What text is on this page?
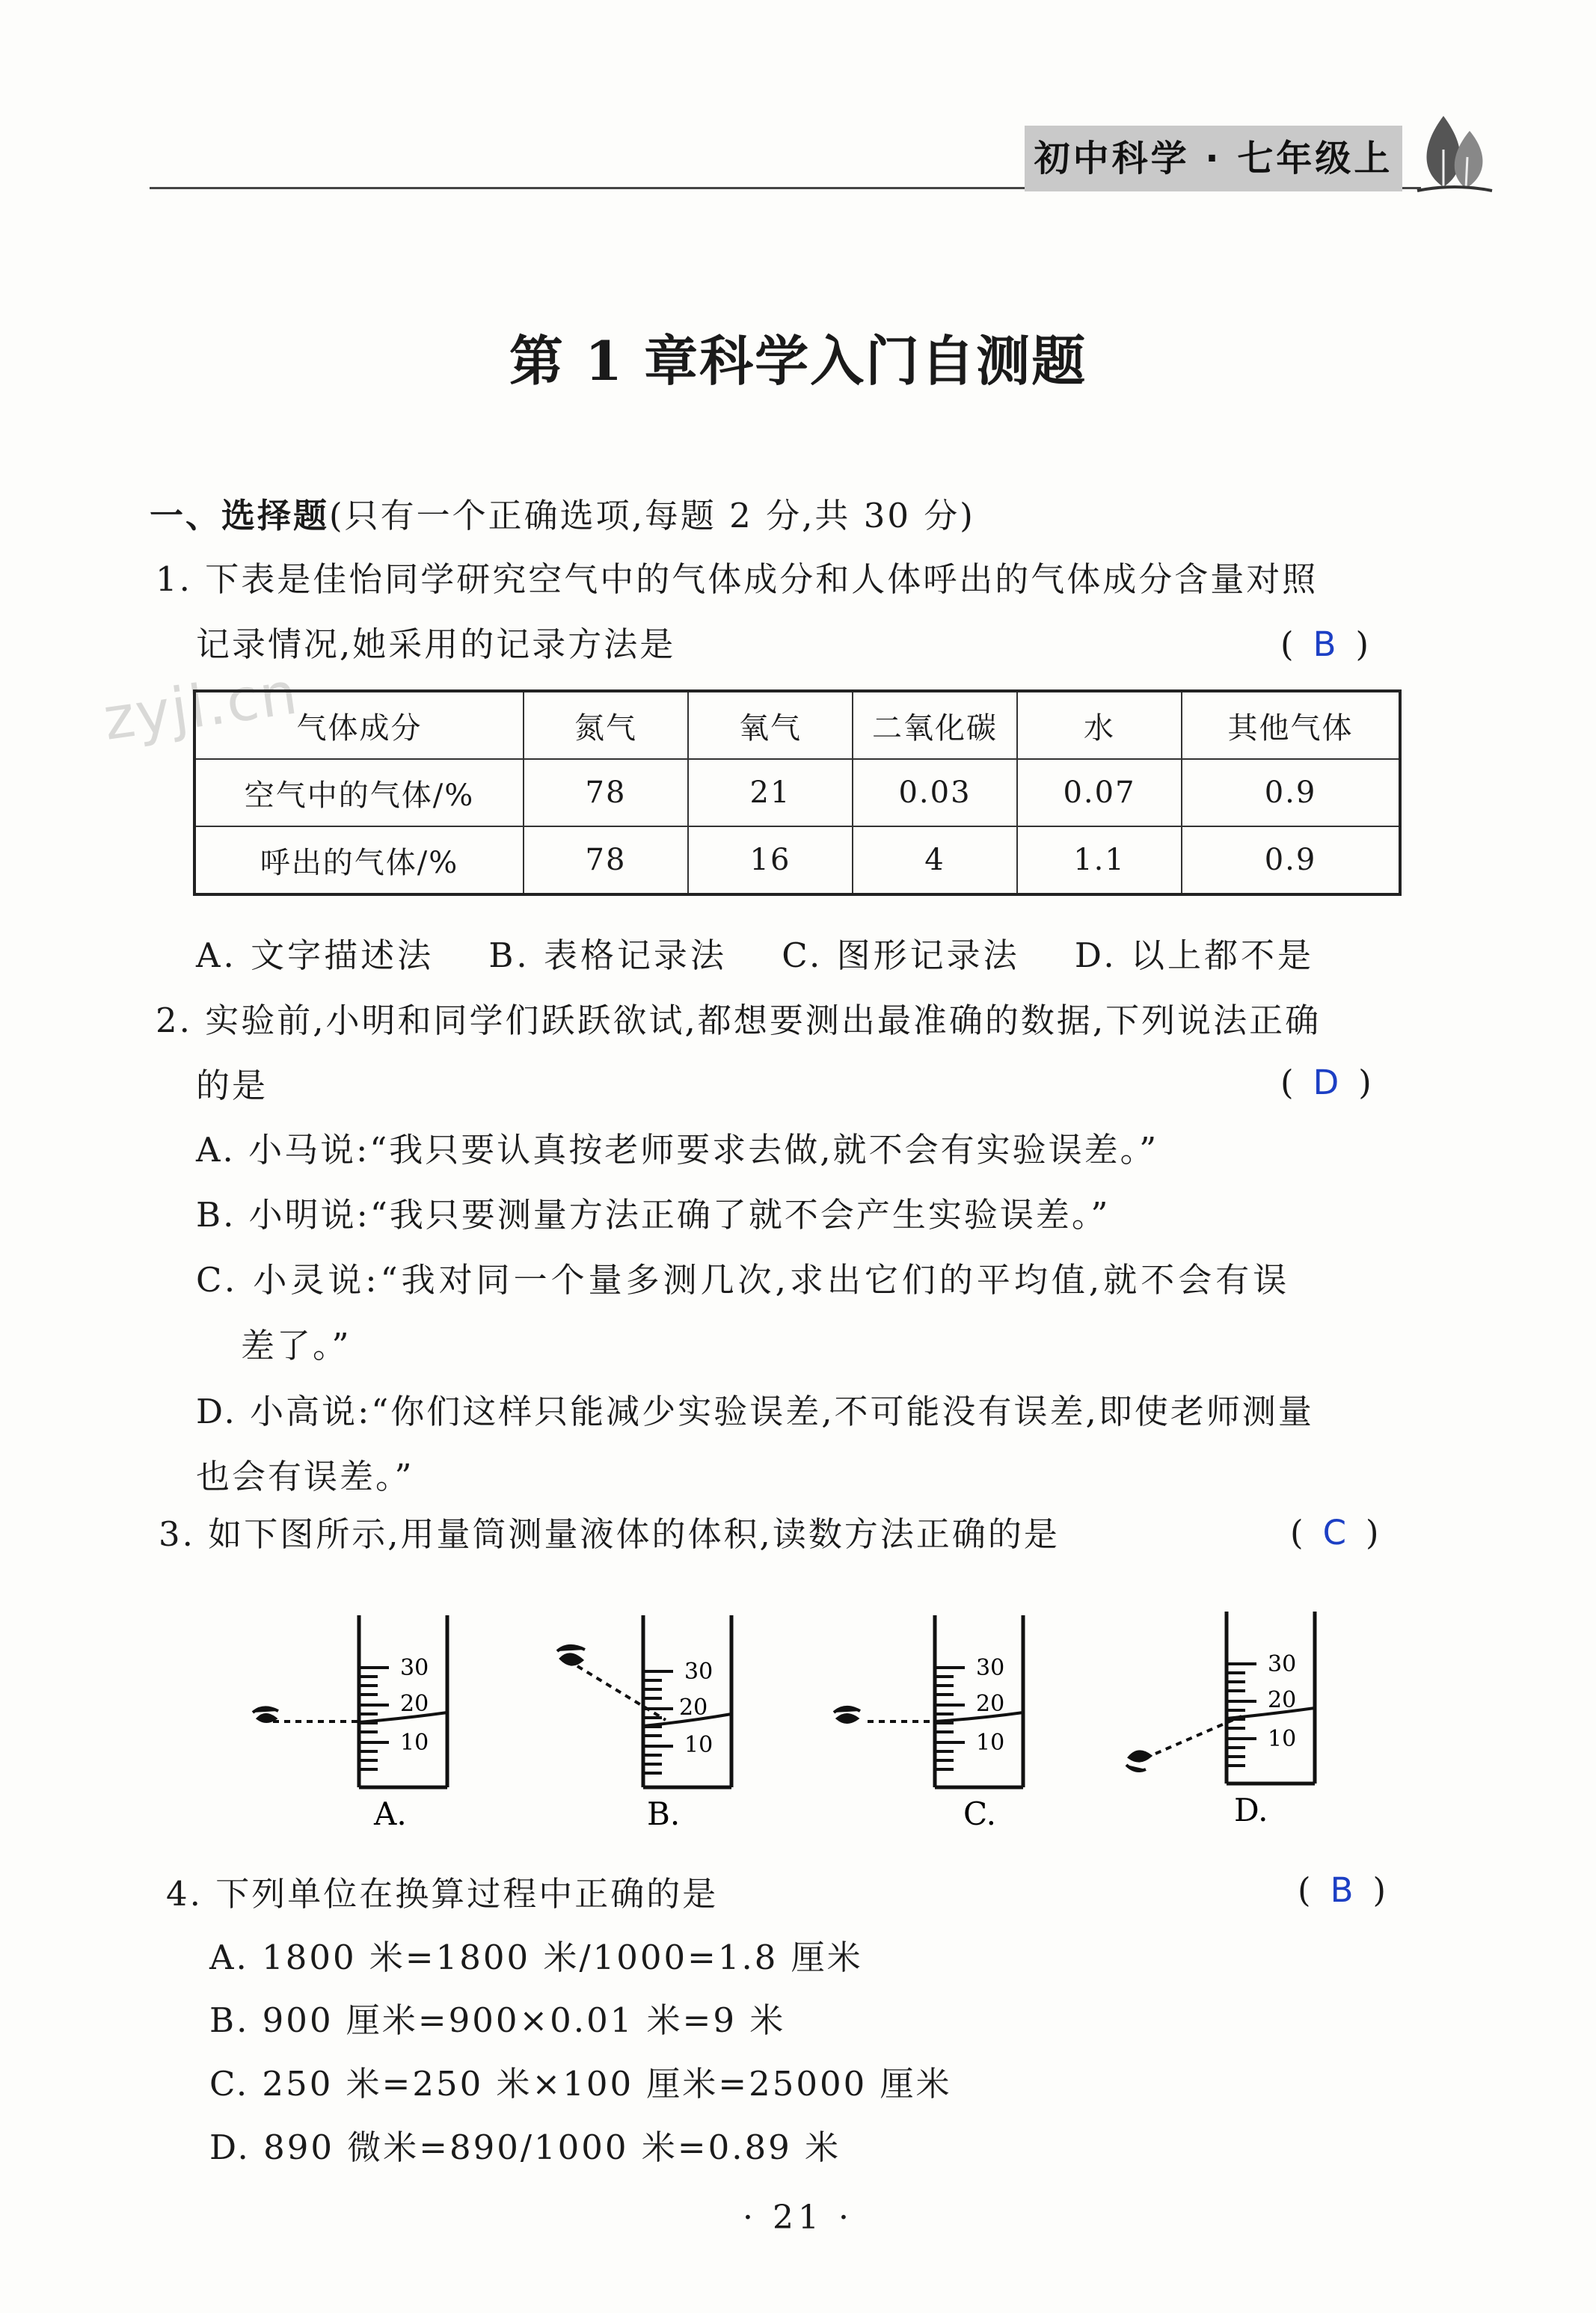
初中科学 · 七年级上
第 1 章科学入门自测题
一、选择题(只有一个正确选项,每题 2 分,共 30 分)
1. 下表是佳怡同学研究空气中的气体成分和人体呼出的气体成分含量对照
记录情况,她采用的记录方法是	( B )
zyjl.cn
气体成分	氮气	氧气	二氧化碳	水	其他气体
空气中的气体/%	78	21	0.03	0.07	0.9
呼出的气体/%	78	16	4	1.1	0.9
A. 文字描述法    B. 表格记录法    C. 图形记录法    D. 以上都不是
2. 实验前,小明和同学们跃跃欲试,都想要测出最准确的数据,下列说法正确
的是	( D )
A. 小马说:“我只要认真按老师要求去做,就不会有实验误差。”
B. 小明说:“我只要测量方法正确了就不会产生实验误差。”
C. 小灵说:“我对同一个量多测几次,求出它们的平均值,就不会有误
差了。”
D. 小高说:“你们这样只能减少实验误差,不可能没有误差,即使老师测量
也会有误差。”
3. 如下图所示,用量筒测量液体的体积,读数方法正确的是	( C )
30
20
10
A.
30
20
10
B.
30
20
10
C.
30
20
10
D.
4. 下列单位在换算过程中正确的是	( B )
A. 1800 米=1800 米/1000=1.8 厘米
B. 900 厘米=900×0.01 米=9 米
C. 250 米=250 米×100 厘米=25000 厘米
D. 890 微米=890/1000 米=0.89 米
· 21 ·
